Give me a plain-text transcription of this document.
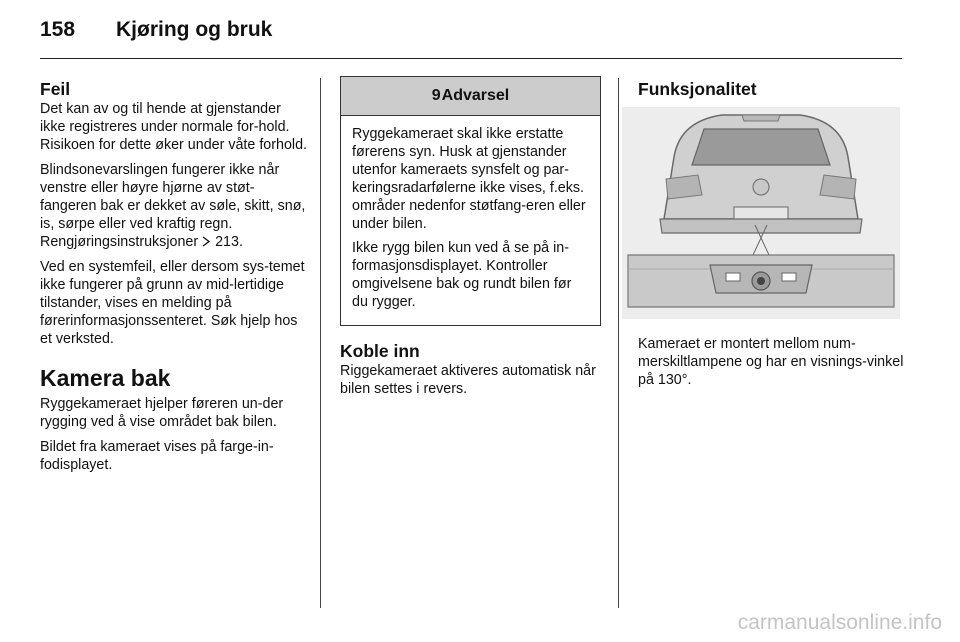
158 Kjøring og bruk
Feil

Det kan av og til hende at gjenstander ikke registreres under normale for-hold. Risikoen for dette øker under våte forhold.

Blindsonevarslingen fungerer ikke når venstre eller høyre hjørne av støt-fangeren bak er dekket av søle, skitt, snø, is, sørpe eller ved kraftig regn. Rengjøringsinstruksjoner 213.

Ved en systemfeil, eller dersom sys-temet ikke fungerer på grunn av mid-lertidige tilstander, vises en melding på førerinformasjonssenteret. Søk hjelp hos et verksted.

Kamera bak

Ryggekameraet hjelper føreren un-der rygging ved å vise området bak bilen.

Bildet fra kameraet vises på farge-in-fodisplayet.

9Advarsel

Ryggekameraet skal ikke erstatte førerens syn. Husk at gjenstander utenfor kameraets synsfelt og par-keringsradarfølerne ikke vises, f.eks. områder nedenfor støtfang-eren eller under bilen.

Ikke rygg bilen kun ved å se på in-formasjonsdisplayet. Kontroller omgivelsene bak og rundt bilen før du rygger.

Koble inn

Riggekameraet aktiveres automatisk når bilen settes i revers.

Funksjonalitet

Kameraet er montert mellom num-merskiltlampene og har en visnings-vinkel på 130°.

carmanualsonline.info
